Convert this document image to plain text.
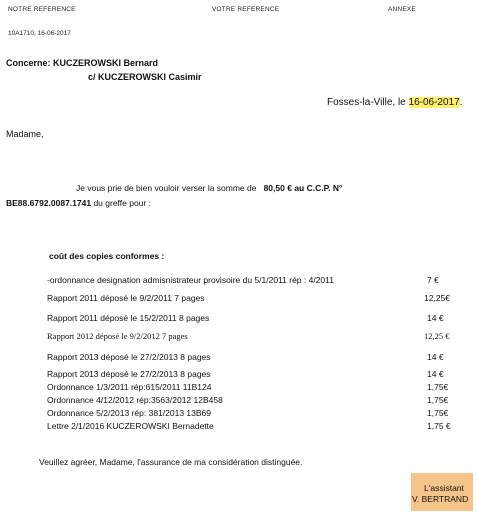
NOTRE REFERENCE	VOTRE REFERENCE	ANNEXE
10A1710, 16-06-2017
Concerne: KUCZEROWSKI Bernard
c/ KUCZEROWSKI Casimir
Fosses-la-Ville, le 16-06-2017.
Madame,
Je vous prie de bien vouloir verser la somme de 80,50 € au C.C.P. N°
BE88.6792.0087.1741 du greffe pour :
coût des copies conformes :
-ordonnance designation admisnistrateur provisoire du 5/1/2011 rép : 4/2011	7 €
Rapport 2011 déposé le 9/2/2011 7 pages	12,25€
Rapport 2011 déposé le 15/2/2011 8 pages	14 €
Rapport 2012 déposé le 9/2/2012 7 pages	12,25 €
Rapport 2013 déposé le 27/2/2013 8 pages	14 €
Rapport 2013 déposé le 27/2/2013 8 pages	14 €
Ordonnance 1/3/2011 rép:615/2011 11B124	1,75€
Ordonnance 4/12/2012 rép:3563/2012 12B458	1,75€
Ordonnance 5/2/2013 rép: 381/2013 13B69	1,75€
Lettre 2/1/2016 KUCZEROWSKI Bernadette	1,75 €
Veuillez agréer, Madame, l'assurance de ma considération distinguée.
L'assistant
V. BERTRAND
